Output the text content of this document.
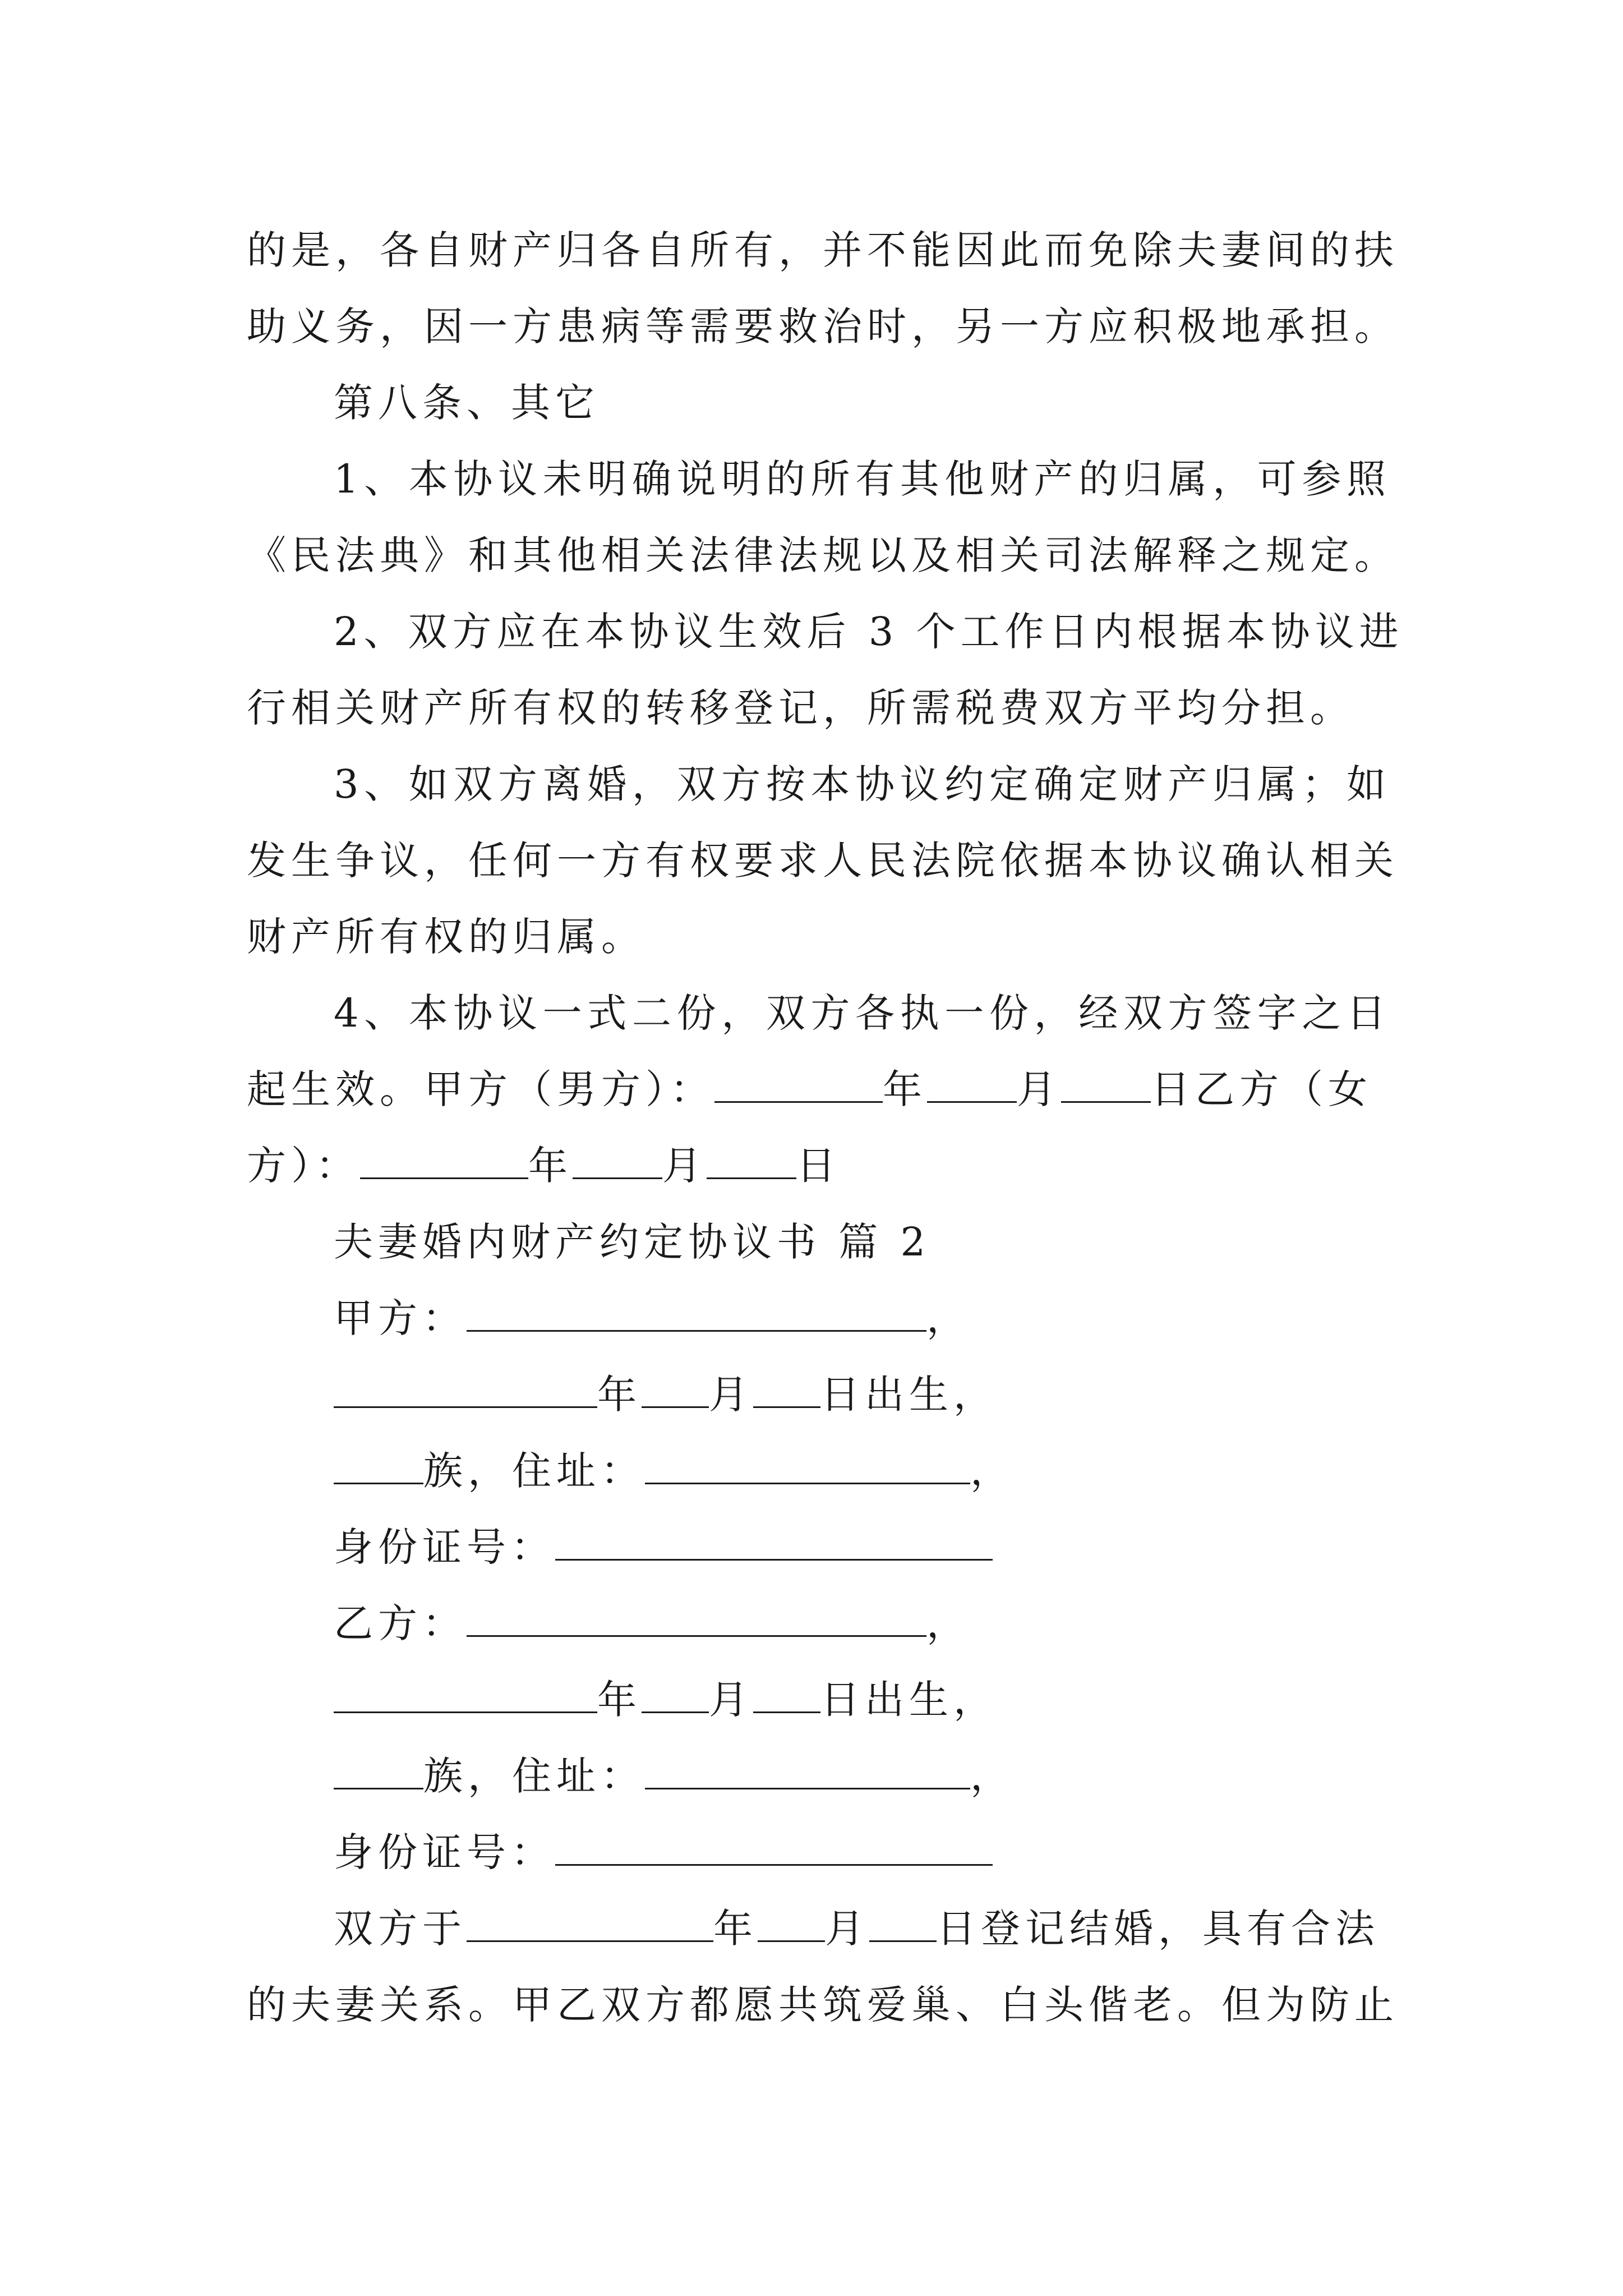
的是，各自财产归各自所有，并不能因此而免除夫妻间的扶
助义务，因一方患病等需要救治时，另一方应积极地承担。
第八条、其它
1、本协议未明确说明的所有其他财产的归属，可参照
《民法典》和其他相关法律法规以及相关司法解释之规定。
2、双方应在本协议生效后 3 个工作日内根据本协议进
行相关财产所有权的转移登记，所需税费双方平均分担。
3、如双方离婚，双方按本协议约定确定财产归属；如
发生争议，任何一方有权要求人民法院依据本协议确认相关
财产所有权的归属。
4、本协议一式二份，双方各执一份，经双方签字之日
起生效。甲方（男方）：	年 月 日乙方（女
方）：	年 月 日
夫妻婚内财产约定协议书 篇 2
甲方：	，
年 月 日出生，
族，住址：	，
身份证号：
乙方：	，
年 月 日出生，
族，住址：	，
身份证号：
双方于	年 月 日登记结婚，具有合法
的夫妻关系。甲乙双方都愿共筑爱巢、白头偕老。但为防止
